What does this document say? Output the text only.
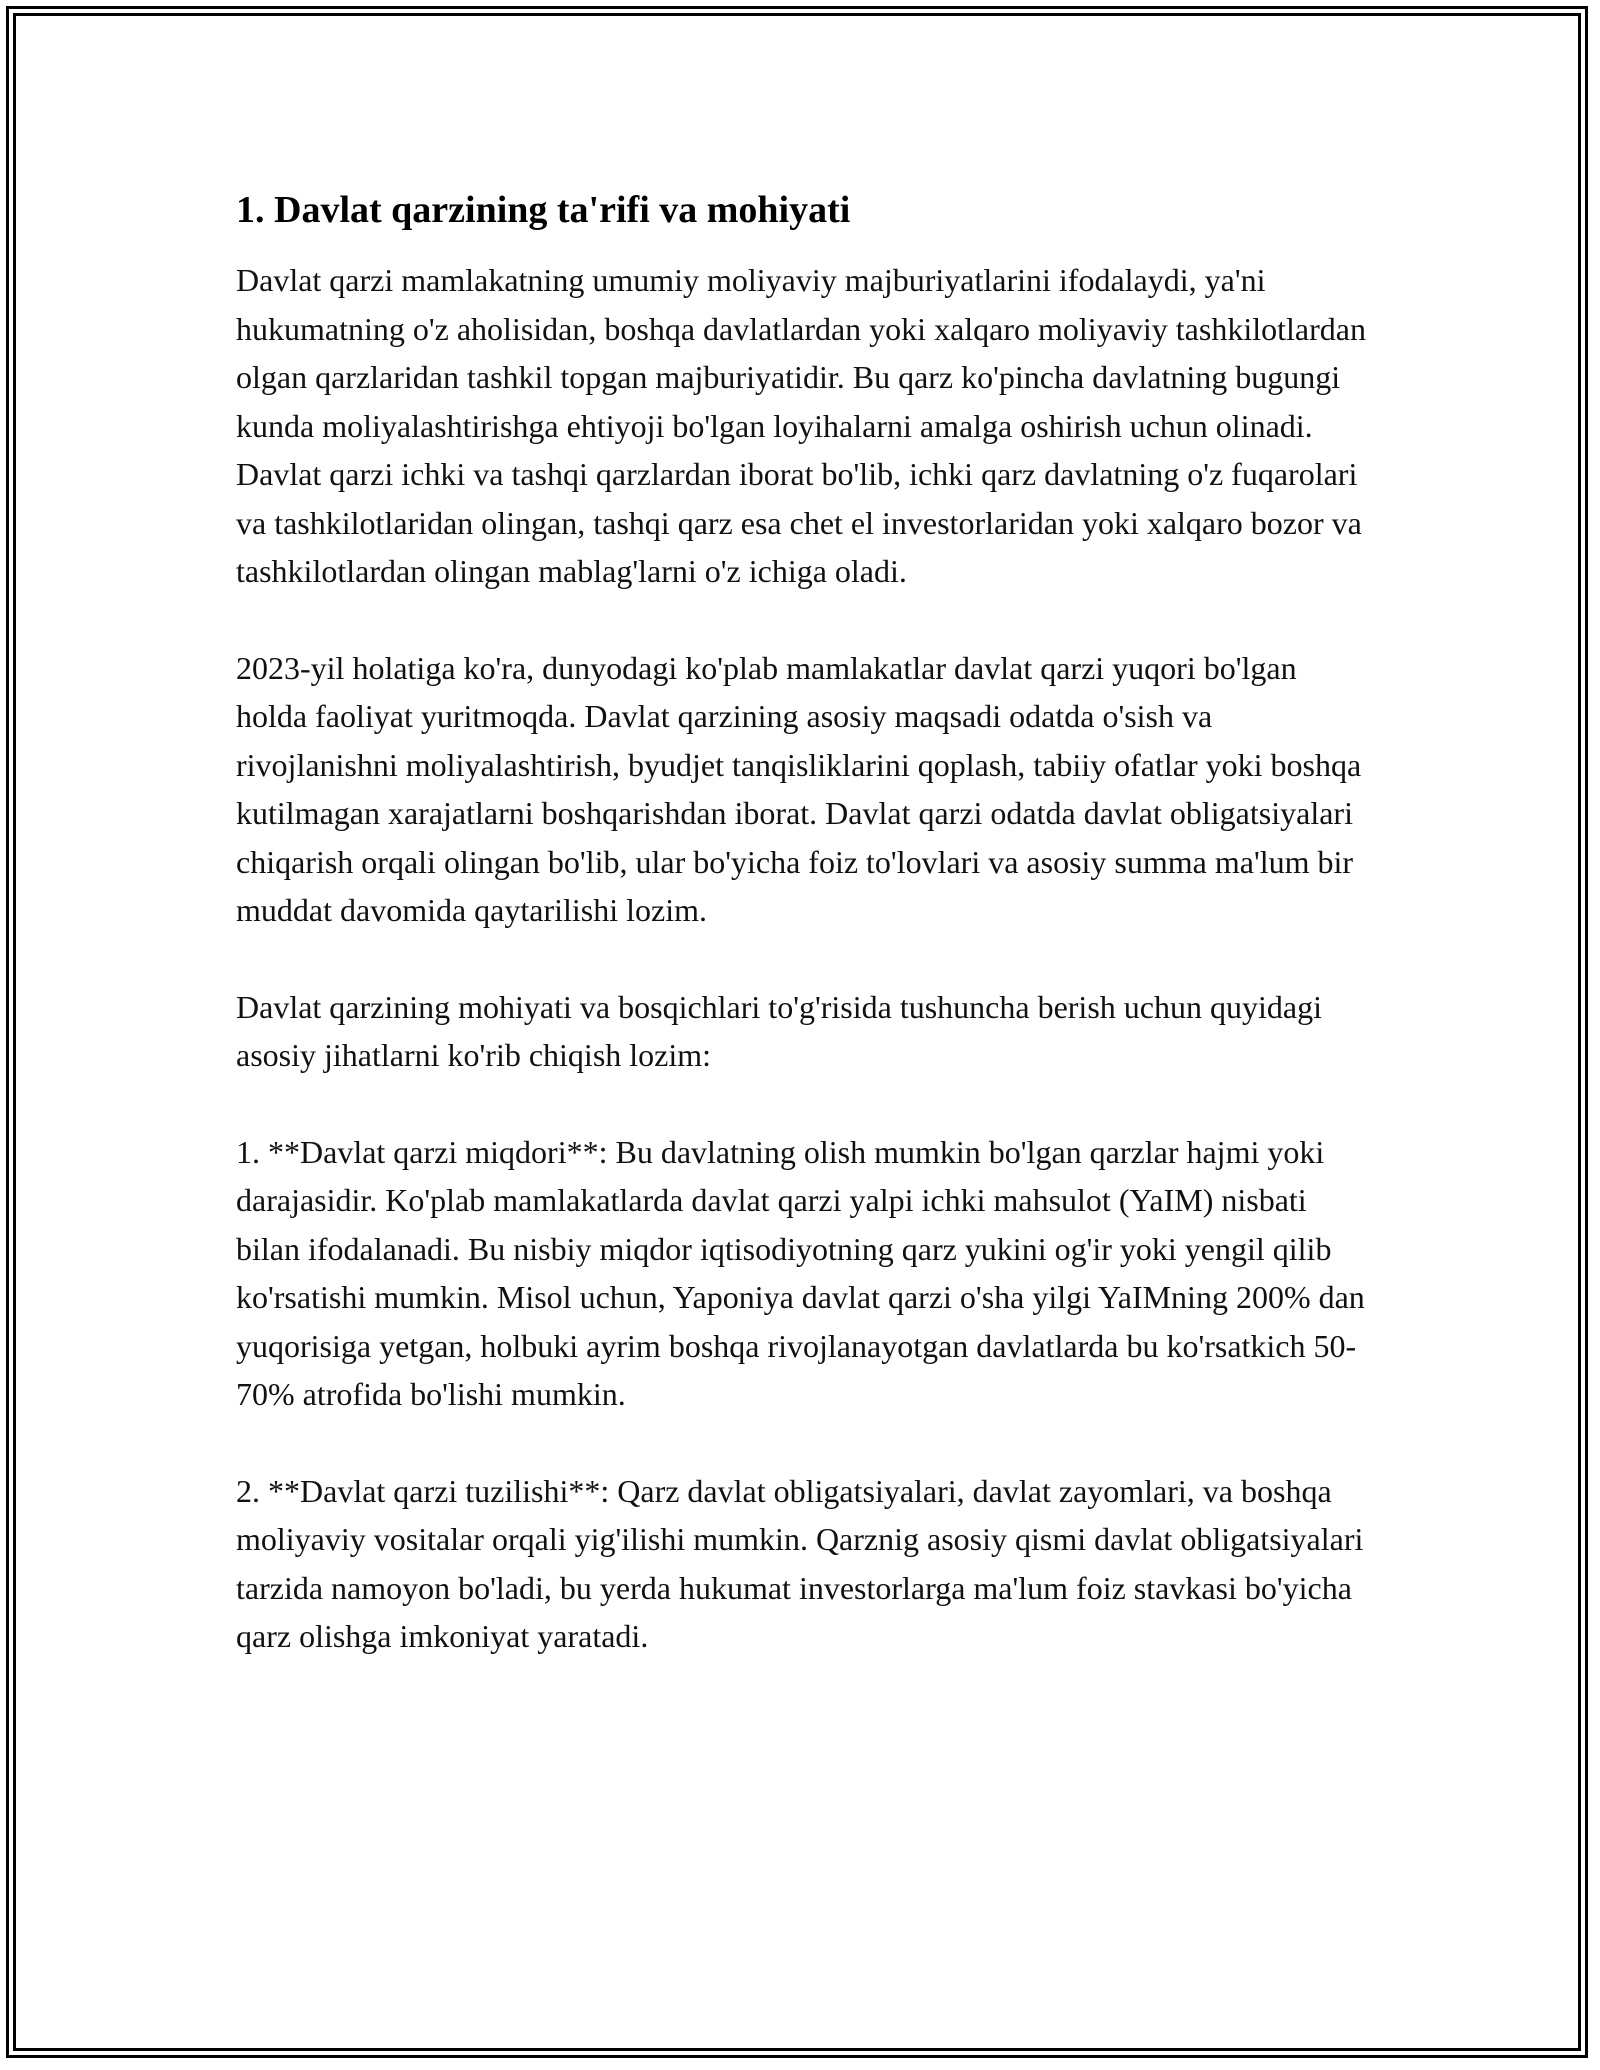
1. Davlat qarzining ta'rifi va mohiyati

Davlat qarzi mamlakatning umumiy moliyaviy majburiyatlarini ifodalaydi, ya'ni hukumatning o'z aholisidan, boshqa davlatlardan yoki xalqaro moliyaviy tashkilotlardan olgan qarzlaridan tashkil topgan majburiyatidir. Bu qarz ko'pincha davlatning bugungi kunda moliyalashtirishga ehtiyoji bo'lgan loyihalarni amalga oshirish uchun olinadi. Davlat qarzi ichki va tashqi qarzlardan iborat bo'lib, ichki qarz davlatning o'z fuqarolari va tashkilotlaridan olingan, tashqi qarz esa chet el investorlaridan yoki xalqaro bozor va tashkilotlardan olingan mablag'larni o'z ichiga oladi.

2023-yil holatiga ko'ra, dunyodagi ko'plab mamlakatlar davlat qarzi yuqori bo'lgan holda faoliyat yuritmoqda. Davlat qarzining asosiy maqsadi odatda o'sish va rivojlanishni moliyalashtirish, byudjet tanqisliklarini qoplash, tabiiy ofatlar yoki boshqa kutilmagan xarajatlarni boshqarishdan iborat. Davlat qarzi odatda davlat obligatsiyalari chiqarish orqali olingan bo'lib, ular bo'yicha foiz to'lovlari va asosiy summa ma'lum bir muddat davomida qaytarilishi lozim.

Davlat qarzining mohiyati va bosqichlari to'g'risida tushuncha berish uchun quyidagi asosiy jihatlarni ko'rib chiqish lozim:

1. **Davlat qarzi miqdori**: Bu davlatning olish mumkin bo'lgan qarzlar hajmi yoki darajasidir. Ko'plab mamlakatlarda davlat qarzi yalpi ichki mahsulot (YaIM) nisbati bilan ifodalanadi. Bu nisbiy miqdor iqtisodiyotning qarz yukini og'ir yoki yengil qilib ko'rsatishi mumkin. Misol uchun, Yaponiya davlat qarzi o'sha yilgi YaIMning 200% dan yuqorisiga yetgan, holbuki ayrim boshqa rivojlanayotgan davlatlarda bu ko'rsatkich 50-70% atrofida bo'lishi mumkin.

2. **Davlat qarzi tuzilishi**: Qarz davlat obligatsiyalari, davlat zayomlari, va boshqa moliyaviy vositalar orqali yig'ilishi mumkin. Qarznig asosiy qismi davlat obligatsiyalari tarzida namoyon bo'ladi, bu yerda hukumat investorlarga ma'lum foiz stavkasi bo'yicha qarz olishga imkoniyat yaratadi.
